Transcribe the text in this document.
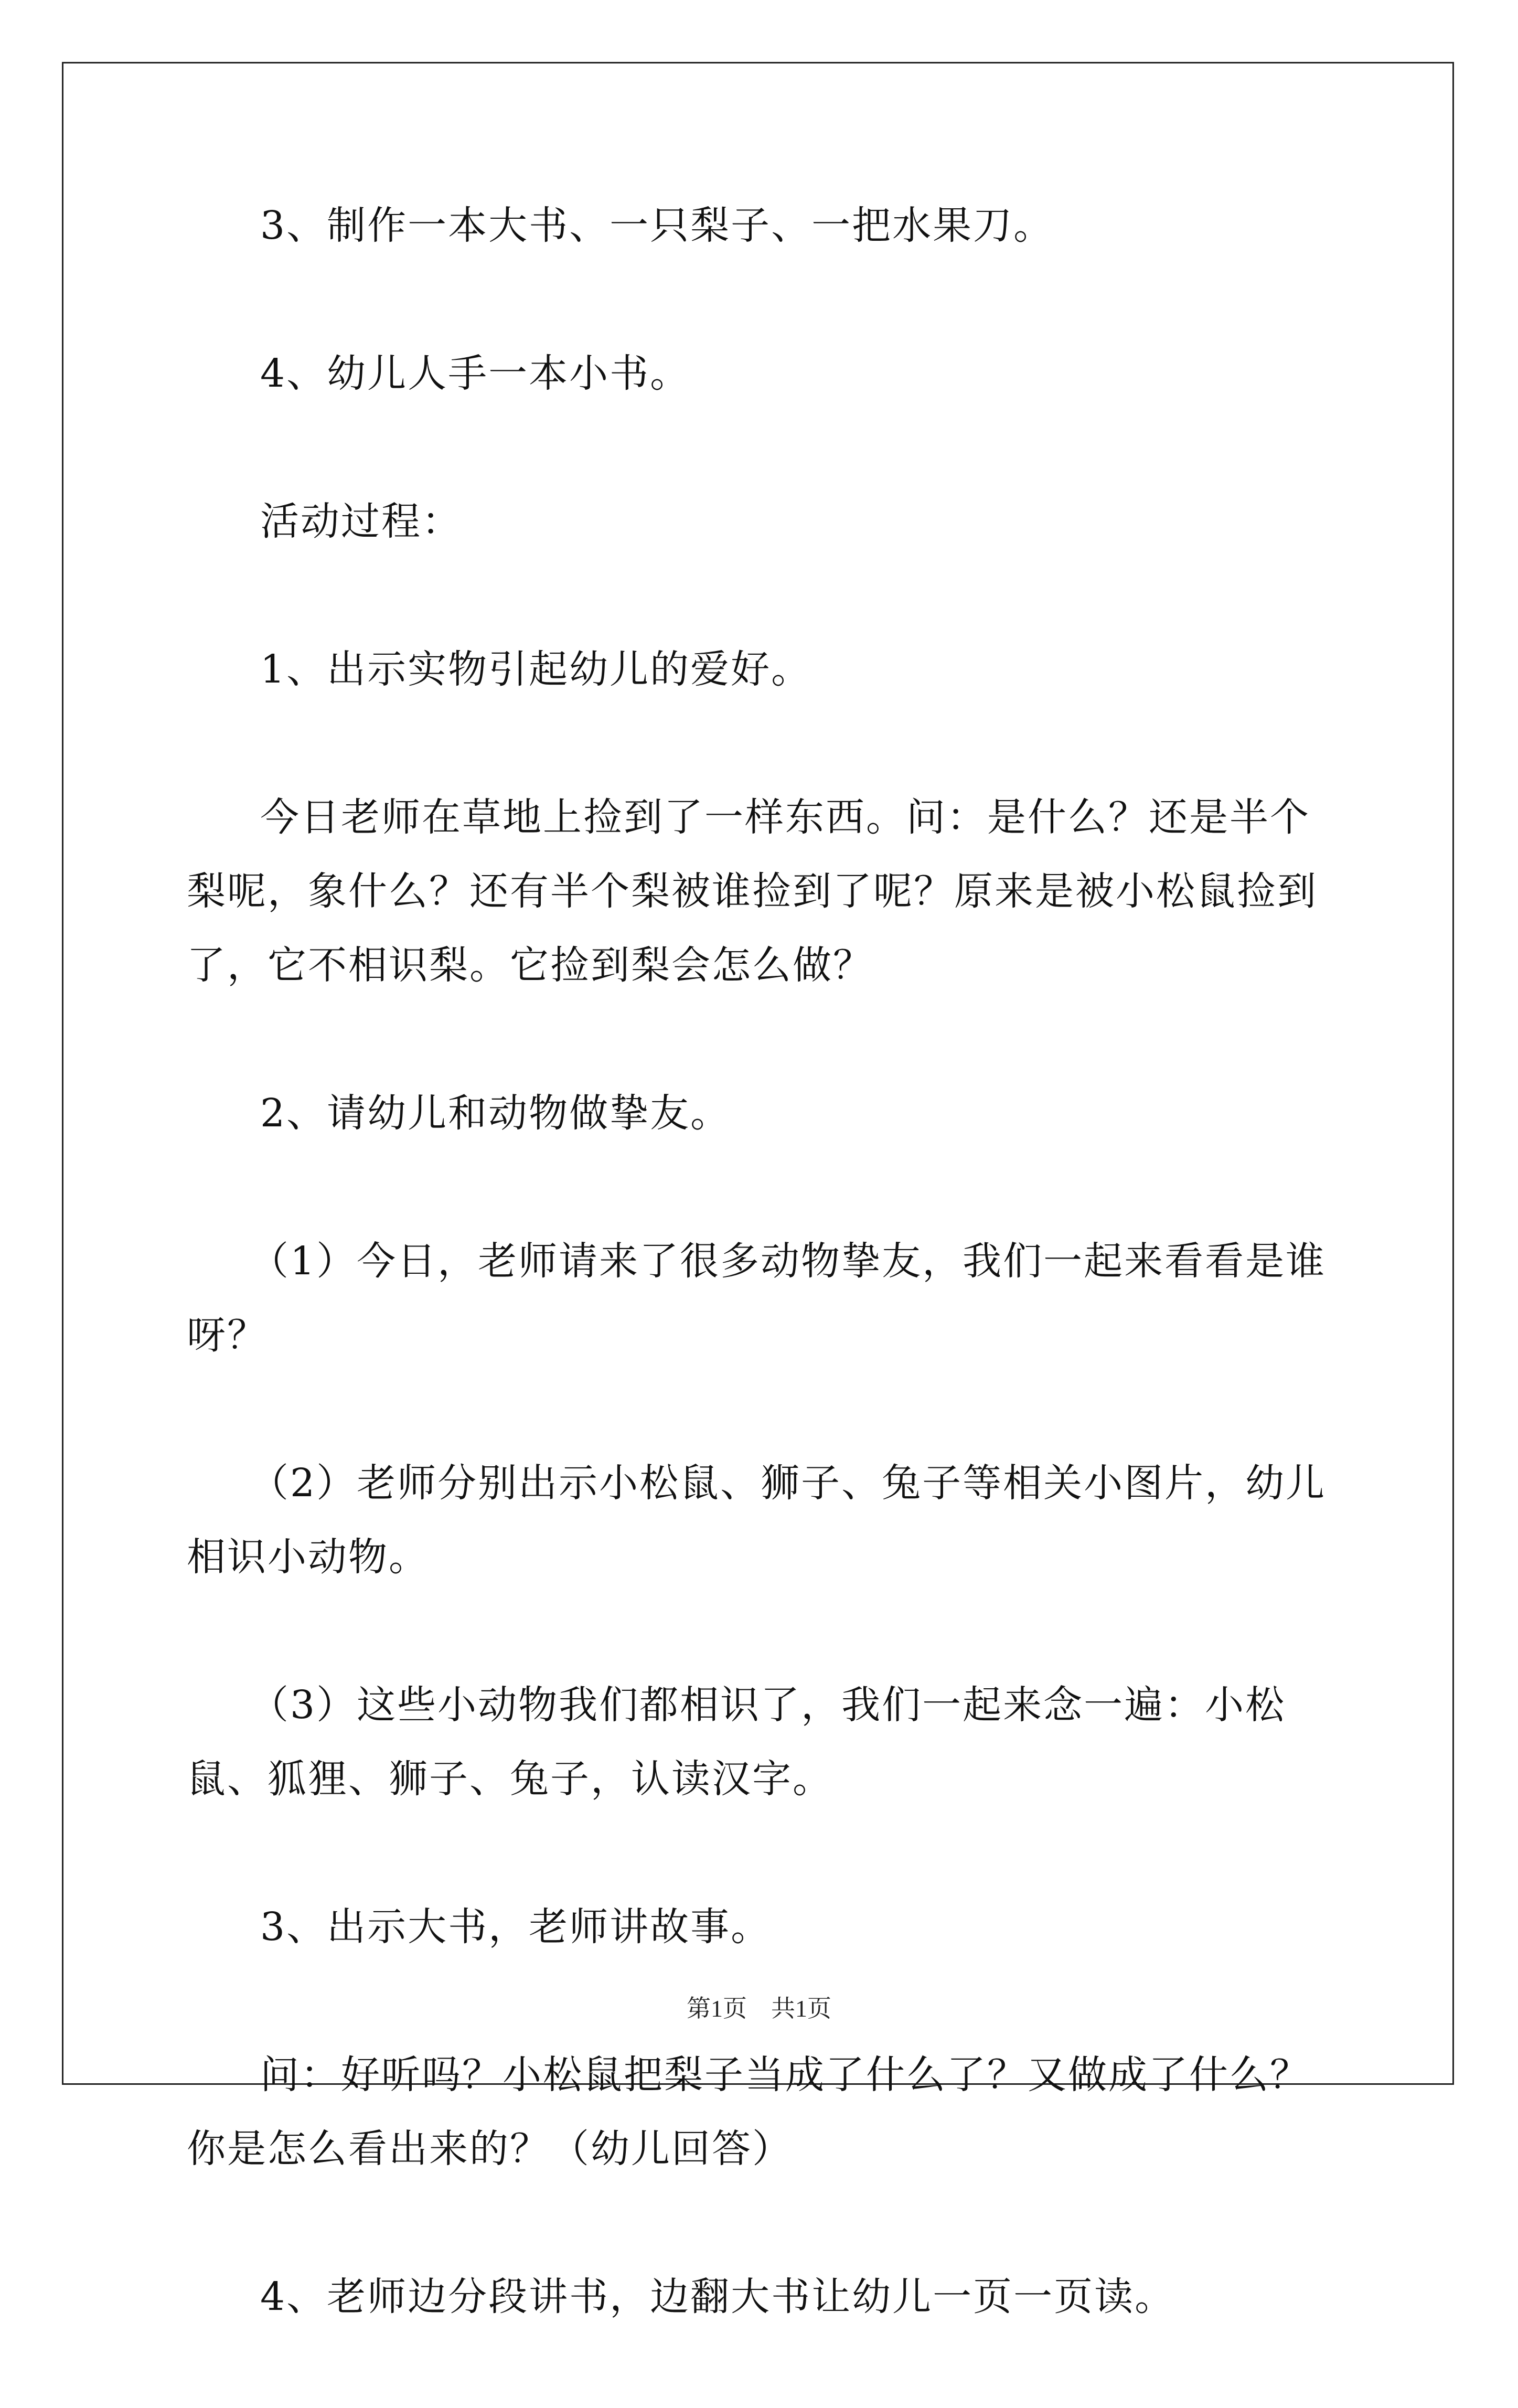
3、制作一本大书、一只梨子、一把水果刀。

4、幼儿人手一本小书。

活动过程：

1、出示实物引起幼儿的爱好。

今日老师在草地上捡到了一样东西。问：是什么？还是半个梨呢，象什么？还有半个梨被谁捡到了呢？原来是被小松鼠捡到了，它不相识梨。它捡到梨会怎么做？

2、请幼儿和动物做挚友。

（1）今日，老师请来了很多动物挚友，我们一起来看看是谁呀？

（2）老师分别出示小松鼠、狮子、兔子等相关小图片，幼儿相识小动物。

（3）这些小动物我们都相识了，我们一起来念一遍：小松鼠、狐狸、狮子、兔子，认读汉字。

3、出示大书，老师讲故事。

问：好听吗？小松鼠把梨子当成了什么了？又做成了什么？你是怎么看出来的？（幼儿回答）

4、老师边分段讲书，边翻大书让幼儿一页一页读。

第1页　共1页
